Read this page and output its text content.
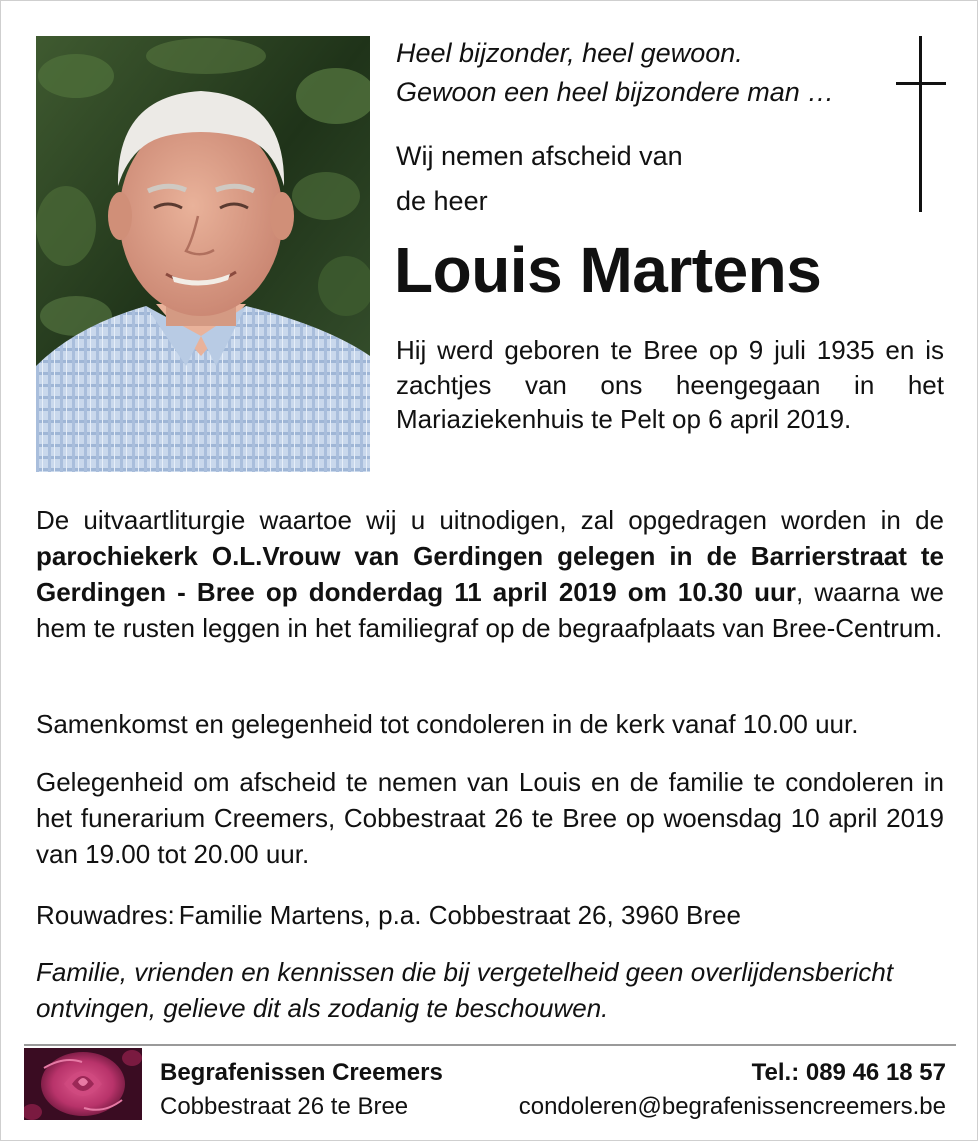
Heel bijzonder, heel gewoon.
Gewoon een heel bijzondere man …
Wij nemen afscheid van
de heer
Louis Martens
Hij werd geboren te Bree op 9 juli 1935 en is zachtjes van ons heengegaan in het Mariaziekenhuis te Pelt op 6 april 2019.
De uitvaartliturgie waartoe wij u uitnodigen, zal opgedragen worden in de parochiekerk O.L.Vrouw van Gerdingen gelegen in de Barrierstraat te Gerdingen - Bree op donderdag 11 april 2019 om 10.30 uur, waarna we hem te rusten leggen in het familiegraf op de begraafplaats van Bree-Centrum.
Samenkomst en gelegenheid tot condoleren in de kerk vanaf 10.00 uur.
Gelegenheid om afscheid te nemen van Louis en de familie te condoleren in het funerarium Creemers, Cobbestraat 26 te Bree op woensdag 10 april 2019 van 19.00 tot 20.00 uur.
Rouwadres: Familie Martens, p.a. Cobbestraat 26, 3960 Bree
Familie, vrienden en kennissen die bij vergetelheid geen overlijdensbericht ontvingen, gelieve dit als zodanig te beschouwen.
Begrafenissen Creemers
Cobbestraat 26 te Bree
Tel.: 089 46 18 57
condoleren@begrafenissencreemers.be
